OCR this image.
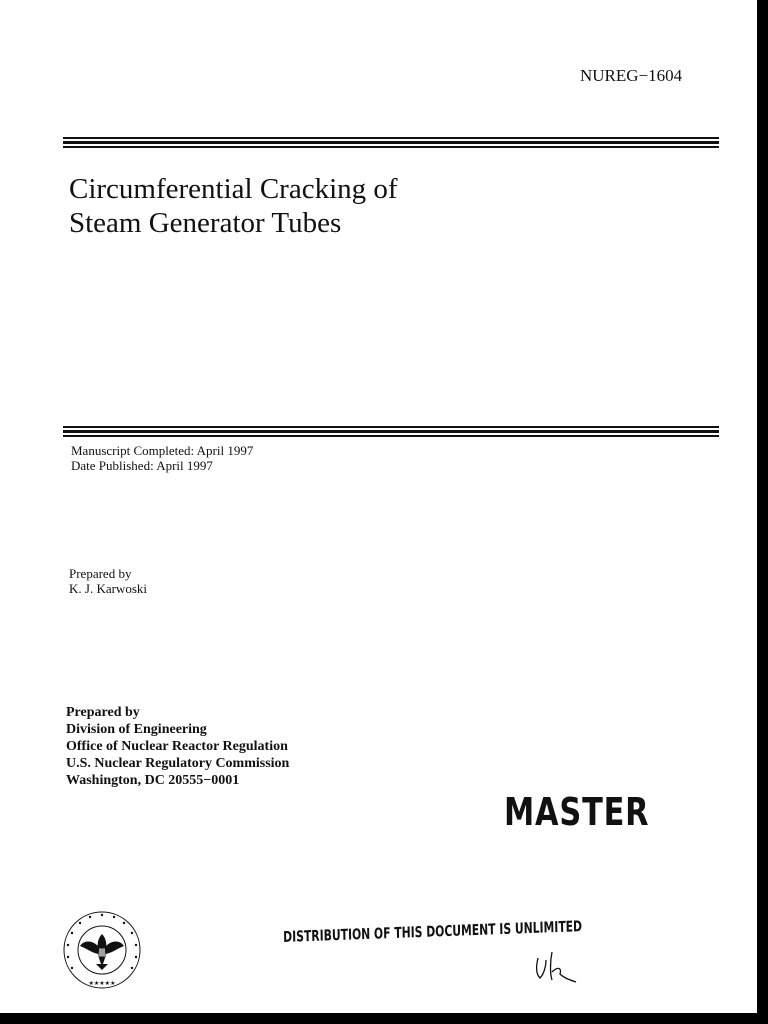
NUREG−1604
Circumferential Cracking of
Steam Generator Tubes
Manuscript Completed: April 1997
Date Published: April 1997
Prepared by
K. J. Karwoski
Prepared by
Division of Engineering
Office of Nuclear Reactor Regulation
U.S. Nuclear Regulatory Commission
Washington, DC 20555−0001
MASTER
★★★★★
DISTRIBUTION OF THIS DOCUMENT IS UNLIMITED
